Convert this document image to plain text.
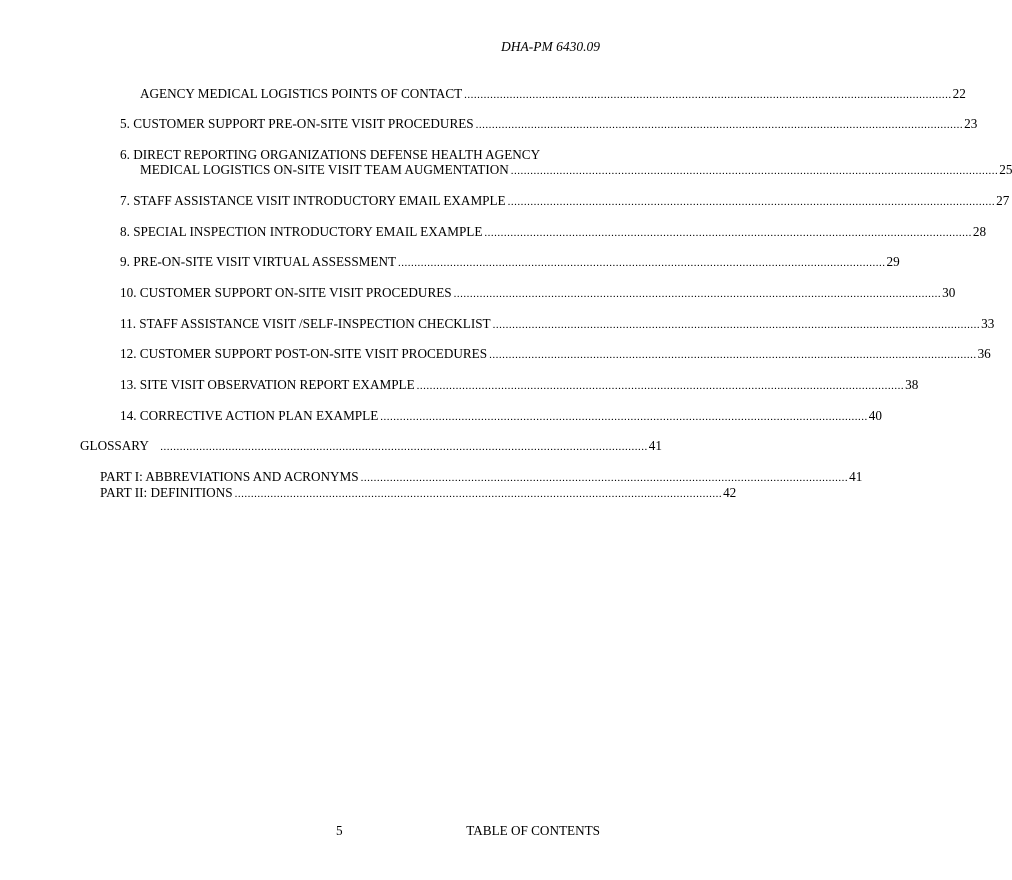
DHA-PM 6430.09
AGENCY MEDICAL LOGISTICS POINTS OF CONTACT ...................................................................................................................................................... 22
5. CUSTOMER SUPPORT PRE-ON-SITE VISIT PROCEDURES ...................................................................................................................................................... 23
6. DIRECT REPORTING ORGANIZATIONS DEFENSE HEALTH AGENCY
MEDICAL LOGISTICS ON-SITE VISIT TEAM AUGMENTATION ...................................................................................................................................................... 25
7. STAFF ASSISTANCE VISIT INTRODUCTORY EMAIL EXAMPLE ...................................................................................................................................................... 27
8. SPECIAL INSPECTION INTRODUCTORY EMAIL EXAMPLE ...................................................................................................................................................... 28
9. PRE-ON-SITE VISIT VIRTUAL ASSESSMENT ...................................................................................................................................................... 29
10. CUSTOMER SUPPORT ON-SITE VISIT PROCEDURES ...................................................................................................................................................... 30
11. STAFF ASSISTANCE VISIT /SELF-INSPECTION CHECKLIST ...................................................................................................................................................... 33
12. CUSTOMER SUPPORT POST-ON-SITE VISIT PROCEDURES ...................................................................................................................................................... 36
13. SITE VISIT OBSERVATION REPORT EXAMPLE ...................................................................................................................................................... 38
14. CORRECTIVE ACTION PLAN EXAMPLE ...................................................................................................................................................... 40
GLOSSARY ...................................................................................................................................................... 41
PART I: ABBREVIATIONS AND ACRONYMS ...................................................................................................................................................... 41
PART II: DEFINITIONS ...................................................................................................................................................... 42
5	TABLE OF CONTENTS
